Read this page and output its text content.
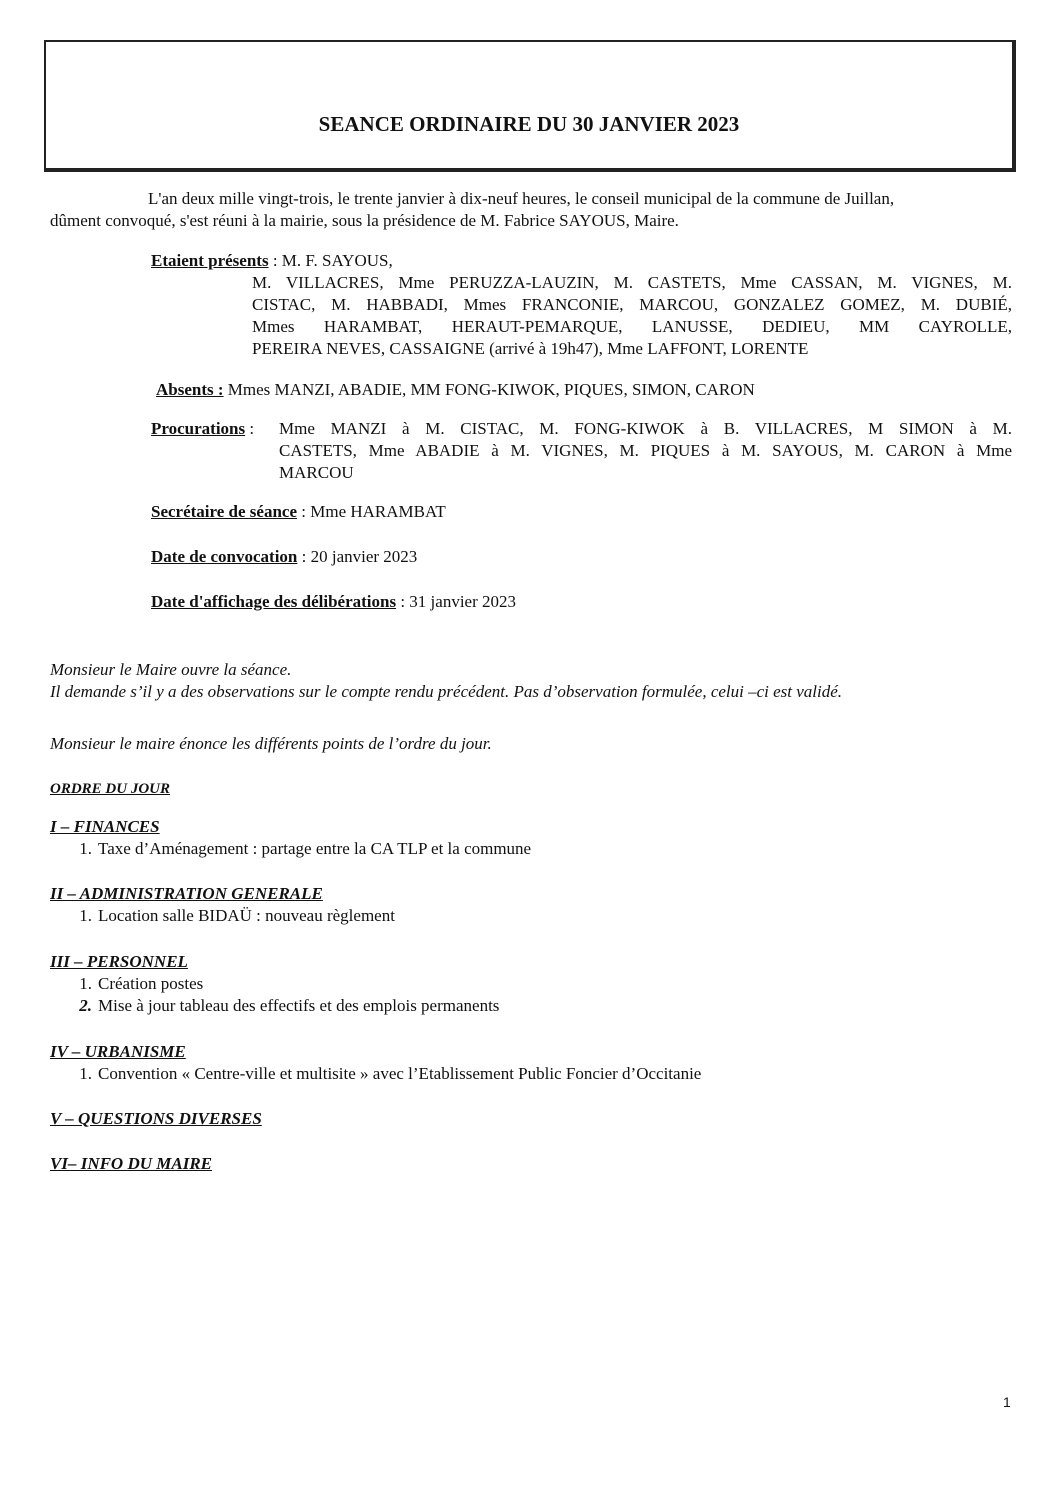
SEANCE ORDINAIRE DU 30 JANVIER 2023
L'an deux mille vingt-trois, le trente janvier à dix-neuf heures, le conseil municipal de la commune de Juillan,
dûment convoqué, s'est réuni à la mairie, sous la présidence de M. Fabrice SAYOUS, Maire.
Etaient présents : M. F. SAYOUS,
M. VILLACRES, Mme PERUZZA-LAUZIN, M. CASTETS, Mme CASSAN, M. VIGNES, M.
CISTAC, M. HABBADI, Mmes FRANCONIE, MARCOU, GONZALEZ GOMEZ, M. DUBIÉ,
Mmes HARAMBAT, HERAUT-PEMARQUE, LANUSSE, DEDIEU, MM CAYROLLE,
PEREIRA NEVES, CASSAIGNE (arrivé à 19h47), Mme LAFFONT, LORENTE
Absents : Mmes MANZI, ABADIE, MM FONG-KIWOK, PIQUES, SIMON, CARON
Procurations : Mme MANZI à M. CISTAC, M. FONG-KIWOK à B. VILLACRES, M SIMON à M.
CASTETS, Mme ABADIE à M. VIGNES, M. PIQUES à M. SAYOUS, M. CARON à Mme
MARCOU
Secrétaire de séance : Mme HARAMBAT
Date de convocation : 20 janvier 2023
Date d'affichage des délibérations : 31 janvier 2023
Monsieur le Maire ouvre la séance.
Il demande s’il y a des observations sur le compte rendu précédent. Pas d’observation formulée, celui –ci est validé.
Monsieur le maire énonce les différents points de l’ordre du jour.
ORDRE DU JOUR
I – FINANCES
1. Taxe d’Aménagement : partage entre la CA TLP et la commune
II – ADMINISTRATION GENERALE
1. Location salle BIDAÜ : nouveau règlement
III – PERSONNEL
1. Création postes
2. Mise à jour tableau des effectifs et des emplois permanents
IV – URBANISME
1. Convention « Centre-ville et multisite » avec l’Etablissement Public Foncier d’Occitanie
V – QUESTIONS DIVERSES
VI– INFO DU MAIRE
1
